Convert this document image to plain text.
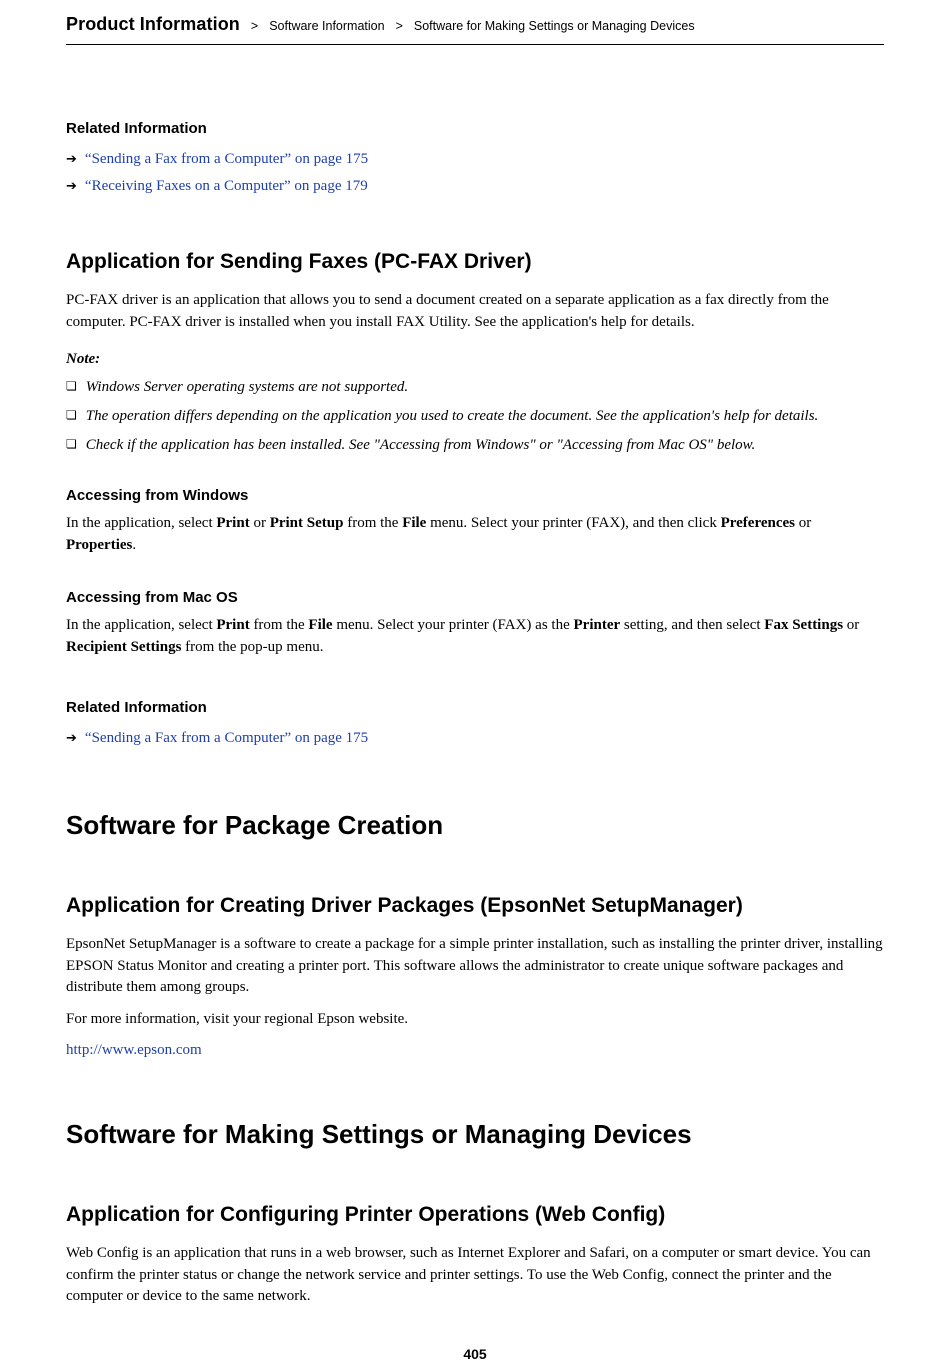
Product Information > Software Information > Software for Making Settings or Managing Devices
Related Information
➔ “Sending a Fax from a Computer” on page 175
➔ “Receiving Faxes on a Computer” on page 179
Application for Sending Faxes (PC-FAX Driver)

PC-FAX driver is an application that allows you to send a document created on a separate application as a fax directly from the computer. PC-FAX driver is installed when you install FAX Utility. See the application's help for details.

Note:
❏ Windows Server operating systems are not supported.
❏ The operation differs depending on the application you used to create the document. See the application's help for details.
❏ Check if the application has been installed. See "Accessing from Windows" or "Accessing from Mac OS" below.
Accessing from Windows

In the application, select Print or Print Setup from the File menu. Select your printer (FAX), and then click Preferences or Properties.

Accessing from Mac OS

In the application, select Print from the File menu. Select your printer (FAX) as the Printer setting, and then select Fax Settings or Recipient Settings from the pop-up menu.

Related Information
➔ “Sending a Fax from a Computer” on page 175
Software for Package Creation
Application for Creating Driver Packages (EpsonNet SetupManager)

EpsonNet SetupManager is a software to create a package for a simple printer installation, such as installing the printer driver, installing EPSON Status Monitor and creating a printer port. This software allows the administrator to create unique software packages and distribute them among groups.

For more information, visit your regional Epson website.

http://www.epson.com
Software for Making Settings or Managing Devices
Application for Configuring Printer Operations (Web Config)

Web Config is an application that runs in a web browser, such as Internet Explorer and Safari, on a computer or smart device. You can confirm the printer status or change the network service and printer settings. To use the Web Config, connect the printer and the computer or device to the same network.

405
